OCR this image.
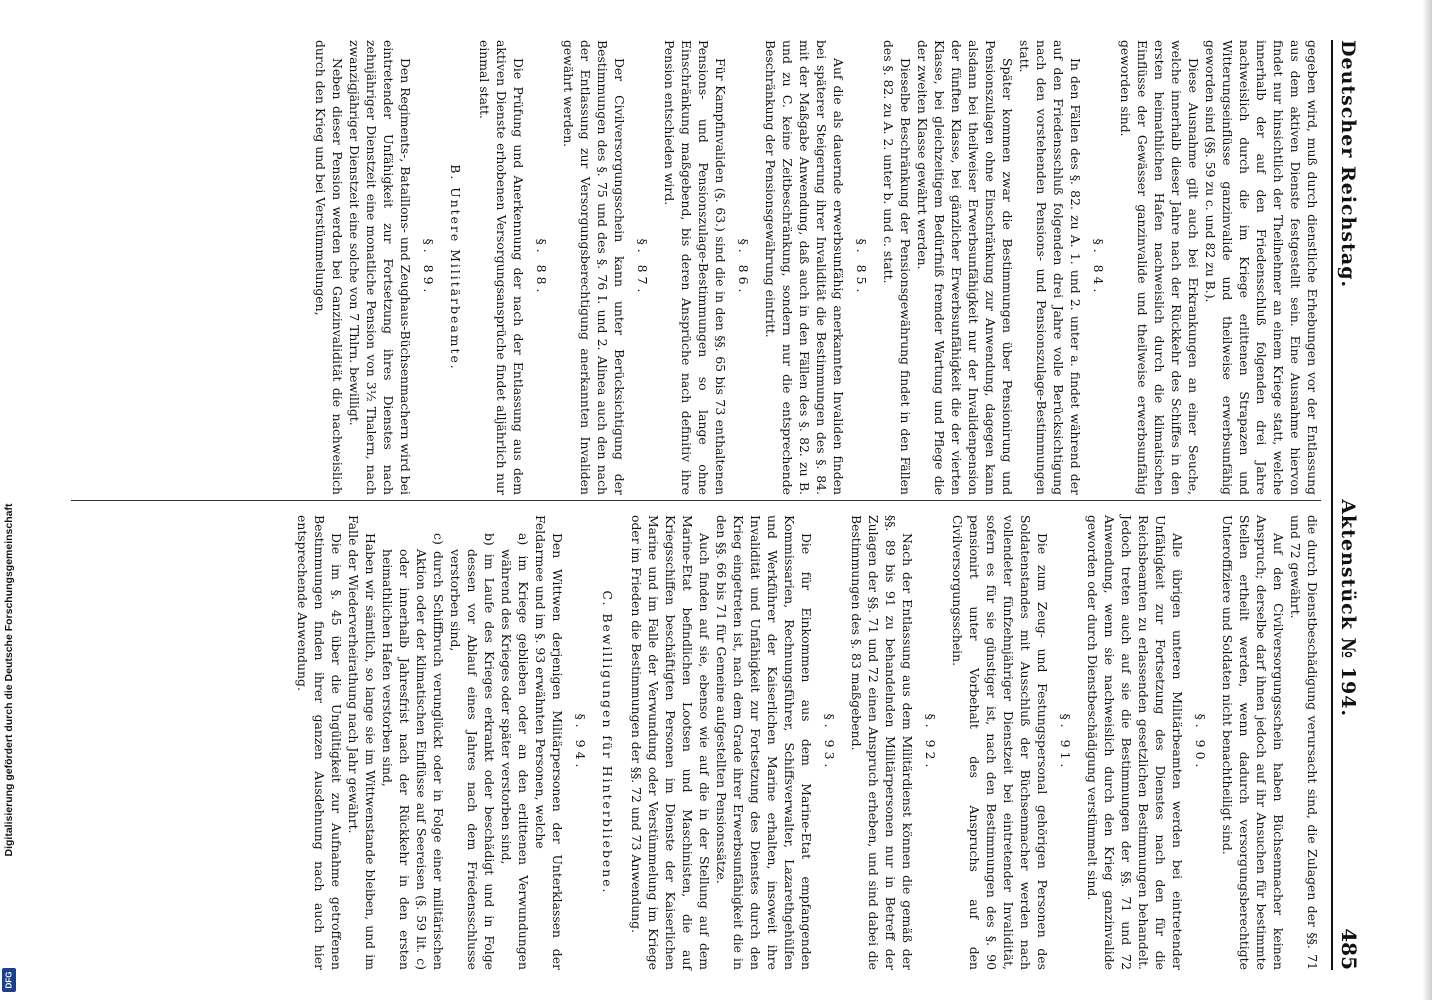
Deutscher Reichstag.
Aktenstück № 194.
485

gegeben wird, muß durch dienstliche Erhebungen vor der Entlassung aus dem aktiven Dienste festgestellt sein. Eine Ausnahme hiervon findet nur hinsichtlich der Theilnehmer an einem Kriege statt, welche innerhalb der auf den Friedensschluß folgenden drei Jahre nachweislich durch die im Kriege erlittenen Strapazen und Witterungseinflüsse ganzinvalide und theilweise erwerbsunfähig geworden sind (§§. 59 zu c. und 82 zu B.).

Diese Ausnahme gilt auch bei Erkrankungen an einer Seuche, welche innerhalb dieser Jahre nach der Rückkehr des Schiffes in den ersten heimathlichen Hafen nachweislich durch die klimatischen Einflüsse der Gewässer ganzinvalide und theilweise erwerbsunfähig geworden sind.

§. 84.

In den Fällen des §. 82. zu A. 1. und 2. unter a. findet während der auf den Friedensschluß folgenden drei Jahre volle Berücksichtigung nach den vorstehenden Pensions- und Pensionszulage-Bestimmungen statt.

Später kommen zwar die Bestimmungen über Pensionirung und Pensionszulagen ohne Einschränkung zur Anwendung, dagegen kann alsdann bei theilweiser Erwerbsunfähigkeit nur der Invalidenpension der fünften Klasse, bei gänzlicher Erwerbsunfähigkeit die der vierten Klasse, bei gleichzeitigem Bedürfniß fremder Wartung und Pflege die der zweiten Klasse gewährt werden.

Dieselbe Beschränkung der Pensionsgewährung findet in den Fällen des §. 82. zu A. 2. unter b. und c. statt.

§. 85.

Auf die als dauernde erwerbsunfähig anerkannten Invaliden finden bei späterer Steigerung ihrer Invalidität die Bestimmungen des §. 84. mit der Maßgabe Anwendung, daß auch in den Fällen des §. 82. zu B. und zu C. keine Zeitbeschränkung, sondern nur die entsprechende Beschränkung der Pensionsgewährung eintritt.

§. 86.

Für Kampfinvaliden (§. 63.) sind die in den §§. 65 bis 73 enthaltenen Pensions- und Pensionszulage-Bestimmungen so lange ohne Einschränkung maßgebend, bis deren Ansprüche nach definitiv ihre Pension entschieden wird.

§. 87.

Der Civilversorgungsschein kann unter Berücksichtigung der Bestimmungen des §. 75 und des §. 76 I. und 2. Alinea auch den nach der Entlassung zur Versorgungsberechtigung anerkannten Invaliden gewährt werden.

§. 88.

Die Prüfung und Anerkennung der nach der Entlassung aus dem aktiven Dienste erhobenen Versorgungsansprüche findet alljährlich nur einmal statt.

B. Untere Militärbeamte.
§. 89.

Den Regiments-, Bataillons- und Zeughaus-Büchsenmachern wird bei eintretender Unfähigkeit zur Fortsetzung ihres Dienstes nach zehnjähriger Dienstzeit eine monatliche Pension von 3½ Thalern, nach zwanzigjähriger Dienstzeit eine solche von 7 Thlrn. bewilligt.

Neben dieser Pension werden bei Ganzinvalidität die nachweislich durch den Krieg und bei Verstümmelungen,

die durch Dienstbeschädigung verursacht sind, die Zulagen der §§. 71 und 72 gewährt.

Auf den Civilversorgungsschein haben Büchsenmacher keinen Anspruch; derselbe darf ihnen jedoch auf ihr Ansuchen für bestimmte Stellen ertheilt werden, wenn dadurch versorgungsberechtigte Unteroffiziere und Soldaten nicht benachtheiligt sind.

§. 90.

Alle übrigen unteren Militärbeamten werden bei eintretender Unfähigkeit zur Fortsetzung des Dienstes nach den für die Reichsbeamten zu erlassenden gesetzlichen Bestimmungen behandelt. Jedoch treten auch auf sie die Bestimmungen der §§. 71 und 72 Anwendung, wenn sie nachweislich durch den Krieg ganzinvalide geworden oder durch Dienstbeschädigung verstümmelt sind.

§. 91.

Die zum Zeug- und Festungspersonal gehörigen Personen des Soldatenstandes mit Ausschluß der Büchsenmacher werden nach vollendeter fünfzehnjähriger Dienstzeit bei eintretender Invalidität, sofern es für sie günstiger ist, nach den Bestimmungen des §. 90 pensionirt unter Vorbehalt des Anspruchs auf den Civilversorgungsschein.

§. 92.

Nach der Entlassung aus dem Militärdienst können die gemäß der §§. 89 bis 91 zu behandelnden Militärpersonen nur in Betreff der Zulagen der §§. 71 und 72 einen Anspruch erheben, und sind dabei die Bestimmungen des §. 83 maßgebend.

§. 93.

Die für Einkommen aus dem Marine-Etat empfangenden Kommissarien, Rechnungsführer, Schiffsverwalter, Lazarethgehülfen und Werkführer der Kaiserlichen Marine erhalten, insoweit ihre Invalidität und Unfähigkeit zur Fortsetzung des Dienstes durch den Krieg eingetreten ist, nach dem Grade ihrer Erwerbsunfähigkeit die in den §§. 66 bis 71 für Gemeine aufgestellten Pensionssätze.

Auch finden auf sie, ebenso wie auf die in der Stellung auf dem Marine-Etat befindlichen Lootsen und Maschinisten, die auf Kriegsschiffen beschäftigten Personen im Dienste der Kaiserlichen Marine und im Falle der Verwundung oder Verstümmelung im Kriege oder im Frieden die Bestimmungen der §§. 72 und 73 Anwendung.

C. Bewilligungen für Hinterbliebene.
§. 94.

Den Wittwen derjenigen Militärpersonen der Unterklassen der Feldarmee und im §. 93 erwähnten Personen, welche

a) im Kriege geblieben oder an den erlittenen Verwundungen während des Krieges oder später verstorben sind,
b) im Laufe des Krieges erkrankt oder beschädigt und in Folge dessen vor Ablauf eines Jahres nach dem Friedensschlusse verstorben sind,
c) durch Schiffbruch verunglückt oder in Folge einer militärischen Aktion oder der klimatischen Einflüsse auf Seereisen (§. 59 lit. c) oder innerhalb Jahresfrist nach der Rückkehr in den ersten heimathlichen Hafen verstorben sind,

Haben wir sämtlich, so lange sie im Wittwenstande bleiben, und im Falle der Wiederverheirathung nach Jahr gewährt.

Die im §. 45 über die Ungültigkeit zur Aufnahme getroffenen Bestimmungen finden ihrer ganzen Ausdehnung nach auch hier entsprechende Anwendung.

Digitalisierung gefördert durch die Deutsche Forschungsgemeinschaft
DFG
